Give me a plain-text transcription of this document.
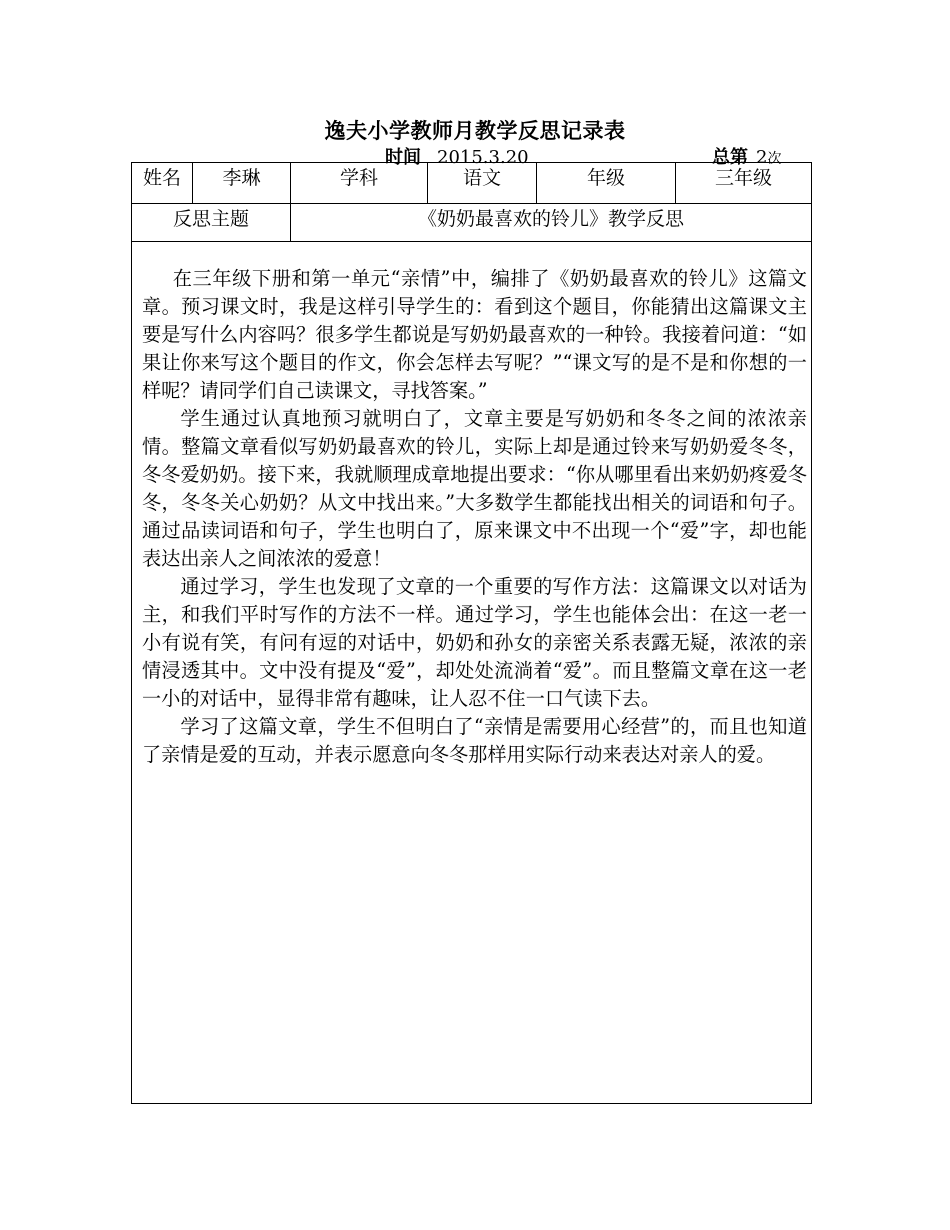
逸夫小学教师月教学反思记录表
时间 2015.3.20	总第 2次
姓名	李琳	学科	语文	年级	三年级
反思主题		《奶奶最喜欢的铃儿》教学反思			

在三年级下册和第一单元“亲情”中，编排了《奶奶最喜欢的铃儿》这篇文章。预习课文时，我是这样引导学生的：看到这个题目，你能猜出这篇课文主要是写什么内容吗？很多学生都说是写奶奶最喜欢的一种铃。我接着问道：“如果让你来写这个题目的作文，你会怎样去写呢？”“课文写的是不是和你想的一样呢？请同学们自己读课文，寻找答案。”

学生通过认真地预习就明白了，文章主要是写奶奶和冬冬之间的浓浓亲情。整篇文章看似写奶奶最喜欢的铃儿，实际上却是通过铃来写奶奶爱冬冬，冬冬爱奶奶。接下来，我就顺理成章地提出要求：“你从哪里看出来奶奶疼爱冬冬，冬冬关心奶奶？从文中找出来。”大多数学生都能找出相关的词语和句子。通过品读词语和句子，学生也明白了，原来课文中不出现一个“爱”字，却也能表达出亲人之间浓浓的爱意！

通过学习，学生也发现了文章的一个重要的写作方法：这篇课文以对话为主，和我们平时写作的方法不一样。通过学习，学生也能体会出：在这一老一小有说有笑，有问有逗的对话中，奶奶和孙女的亲密关系表露无疑，浓浓的亲情浸透其中。文中没有提及“爱”，却处处流淌着“爱”。而且整篇文章在这一老一小的对话中，显得非常有趣味，让人忍不住一口气读下去。

学习了这篇文章，学生不但明白了“亲情是需要用心经营”的，而且也知道了亲情是爱的互动，并表示愿意向冬冬那样用实际行动来表达对亲人的爱。					
